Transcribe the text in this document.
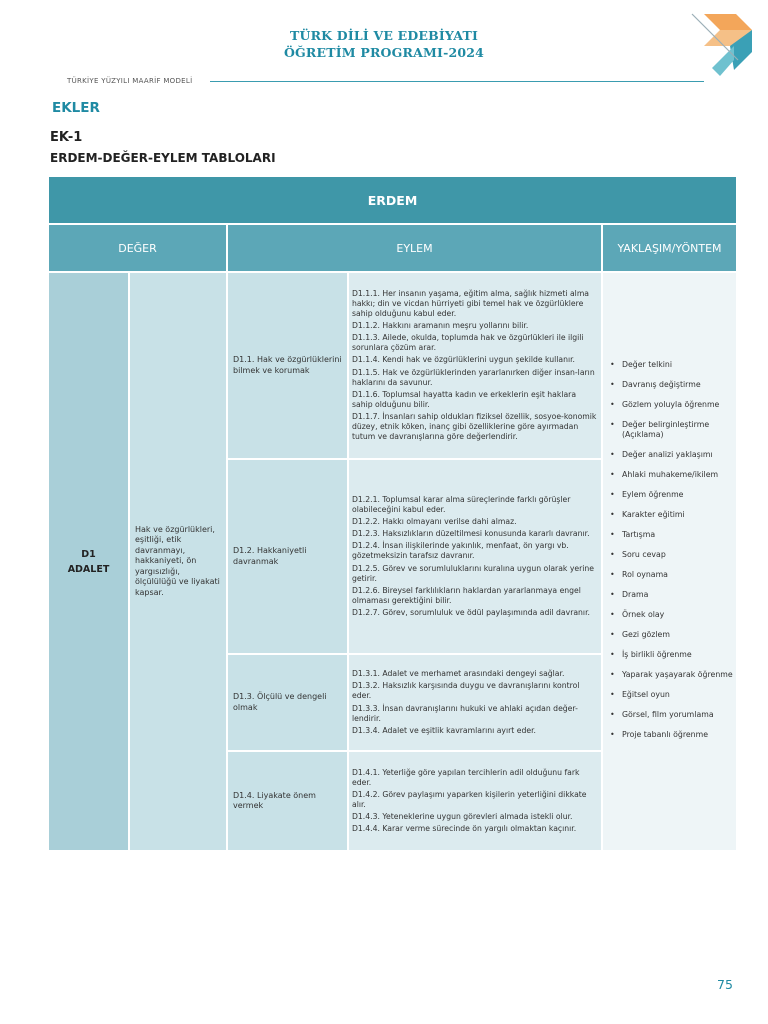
TÜRK DİLİ VE EDEBİYATI
ÖĞRETİM PROGRAMI-2024
TÜRKİYE YÜZYILI MAARİF MODELİ
EKLER
EK-1
ERDEM-DEĞER-EYLEM TABLOLARI
ERDEM
DEĞER	EYLEM	YAKLAŞIM/YÖNTEM
D1
ADALET
Hak ve özgürlükleri, eşitliği, etik davranmayı, hakkaniyeti, ön yargısızlığı, ölçülülüğü ve liyakati kapsar.
D1.1. Hak ve özgürlüklerini bilmek ve korumak
D1.1.1. Her insanın yaşama, eğitim alma, sağlık hizmeti alma hakkı; din ve vicdan hürriyeti gibi temel hak ve özgürlüklere sahip olduğunu kabul eder.
D1.1.2. Hakkını aramanın meşru yollarını bilir.
D1.1.3. Ailede, okulda, toplumda hak ve özgürlükleri ile ilgili sorunlara çözüm arar.
D1.1.4. Kendi hak ve özgürlüklerini uygun şekilde kullanır.
D1.1.5. Hak ve özgürlüklerinden yararlanırken diğer insan-ların haklarını da savunur.
D1.1.6. Toplumsal hayatta kadın ve erkeklerin eşit haklara sahip olduğunu bilir.
D1.1.7. İnsanları sahip oldukları fiziksel özellik, sosyoe-konomik düzey, etnik köken, inanç gibi özelliklerine göre ayırmadan tutum ve davranışlarına göre değerlendirir.
D1.2. Hakkaniyetli davranmak
D1.2.1. Toplumsal karar alma süreçlerinde farklı görüşler olabileceğini kabul eder.
D1.2.2. Hakkı olmayanı verilse dahi almaz.
D1.2.3. Haksızlıkların düzeltilmesi konusunda kararlı davranır.
D1.2.4. İnsan ilişkilerinde yakınlık, menfaat, ön yargı vb. gözetmeksizin tarafsız davranır.
D1.2.5. Görev ve sorumluluklarını kuralına uygun olarak yerine getirir.
D1.2.6. Bireysel farklılıkların haklardan yararlanmaya engel olmaması gerektiğini bilir.
D1.2.7. Görev, sorumluluk ve ödül paylaşımında adil davranır.
D1.3. Ölçülü ve dengeli olmak
D1.3.1. Adalet ve merhamet arasındaki dengeyi sağlar.
D1.3.2. Haksızlık karşısında duygu ve davranışlarını kontrol eder.
D1.3.3. İnsan davranışlarını hukuki ve ahlaki açıdan değer-lendirir.
D1.3.4. Adalet ve eşitlik kavramlarını ayırt eder.
D1.4. Liyakate önem vermek
D1.4.1. Yeterliğe göre yapılan tercihlerin adil olduğunu fark eder.
D1.4.2. Görev paylaşımı yaparken kişilerin yeterliğini dikkate alır.
D1.4.3. Yeteneklerine uygun görevleri almada istekli olur.
D1.4.4. Karar verme sürecinde ön yargılı olmaktan kaçınır.
• Değer telkini
• Davranış değiştirme
• Gözlem yoluyla öğrenme
• Değer belirginleştirme (Açıklama)
• Değer analizi yaklaşımı
• Ahlaki muhakeme/ikilem
• Eylem öğrenme
• Karakter eğitimi
• Tartışma
• Soru cevap
• Rol oynama
• Drama
• Örnek olay
• Gezi gözlem
• İş birlikli öğrenme
• Yaparak yaşayarak öğrenme
• Eğitsel oyun
• Görsel, film yorumlama
• Proje tabanlı öğrenme
75
